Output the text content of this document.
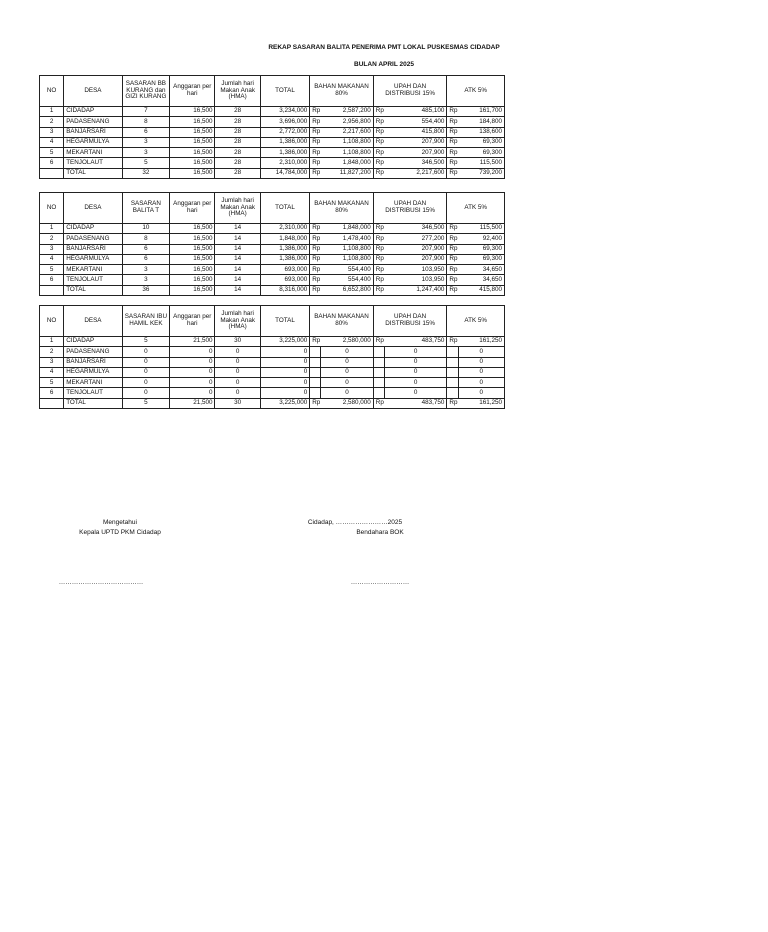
REKAP SASARAN BALITA PENERIMA PMT LOKAL PUSKESMAS CIDADAP
BULAN APRIL 2025
NO	DESA	SASARAN BB KURANG dan GIZI KURANG	Anggaran per hari	Jumlah hari Makan Anak (HMA)	TOTAL	BAHAN MAKANAN 80%		UPAH DAN DISTRIBUSI 15%		ATK 5%	
1	CIDADAP	7	16,500	28	3,234,000	Rp	2,587,200	Rp	485,100	Rp	161,700
2	PADASENANG	8	16,500	28	3,696,000	Rp	2,956,800	Rp	554,400	Rp	184,800
3	BANJARSARI	6	16,500	28	2,772,000	Rp	2,217,600	Rp	415,800	Rp	138,600
4	HEGARMULYA	3	16,500	28	1,386,000	Rp	1,108,800	Rp	207,900	Rp	69,300
5	MEKARTANI	3	16,500	28	1,386,000	Rp	1,108,800	Rp	207,900	Rp	69,300
6	TENJOLAUT	5	16,500	28	2,310,000	Rp	1,848,000	Rp	346,500	Rp	115,500
	TOTAL	32	16,500	28	14,784,000	Rp	11,827,200	Rp	2,217,600	Rp	739,200
NO	DESA	SASARAN BALITA T	Anggaran per hari	Jumlah hari Makan Anak (HMA)	TOTAL	BAHAN MAKANAN 80%		UPAH DAN DISTRIBUSI 15%		ATK 5%	
1	CIDADAP	10	16,500	14	2,310,000	Rp	1,848,000	Rp	346,500	Rp	115,500
2	PADASENANG	8	16,500	14	1,848,000	Rp	1,478,400	Rp	277,200	Rp	92,400
3	BANJARSARI	6	16,500	14	1,386,000	Rp	1,108,800	Rp	207,900	Rp	69,300
4	HEGARMULYA	6	16,500	14	1,386,000	Rp	1,108,800	Rp	207,900	Rp	69,300
5	MEKARTANI	3	16,500	14	693,000	Rp	554,400	Rp	103,950	Rp	34,650
6	TENJOLAUT	3	16,500	14	693,000	Rp	554,400	Rp	103,950	Rp	34,650
	TOTAL	36	16,500	14	8,316,000	Rp	6,652,800	Rp	1,247,400	Rp	415,800
NO	DESA	SASARAN IBU HAMIL KEK	Anggaran per hari	Jumlah hari Makan Anak (HMA)	TOTAL	BAHAN MAKANAN 80%		UPAH DAN DISTRIBUSI 15%		ATK 5%	
1	CIDADAP	5	21,500	30	3,225,000	Rp	2,580,000	Rp	483,750	Rp	161,250
2	PADASENANG	0	0	0	0		0		0		0
3	BANJARSARI	0	0	0	0		0		0		0
4	HEGARMULYA	0	0	0	0		0		0		0
5	MEKARTANI	0	0	0	0		0		0		0
6	TENJOLAUT	0	0	0	0		0		0		0
	TOTAL	5	21,500	30	3,225,000	Rp	2,580,000	Rp	483,750	Rp	161,250
Mengetahui
Kepala UPTD PKM Cidadap
…………………………………
Cidadap, ……………………2025
Bendahara BOK
………………………
